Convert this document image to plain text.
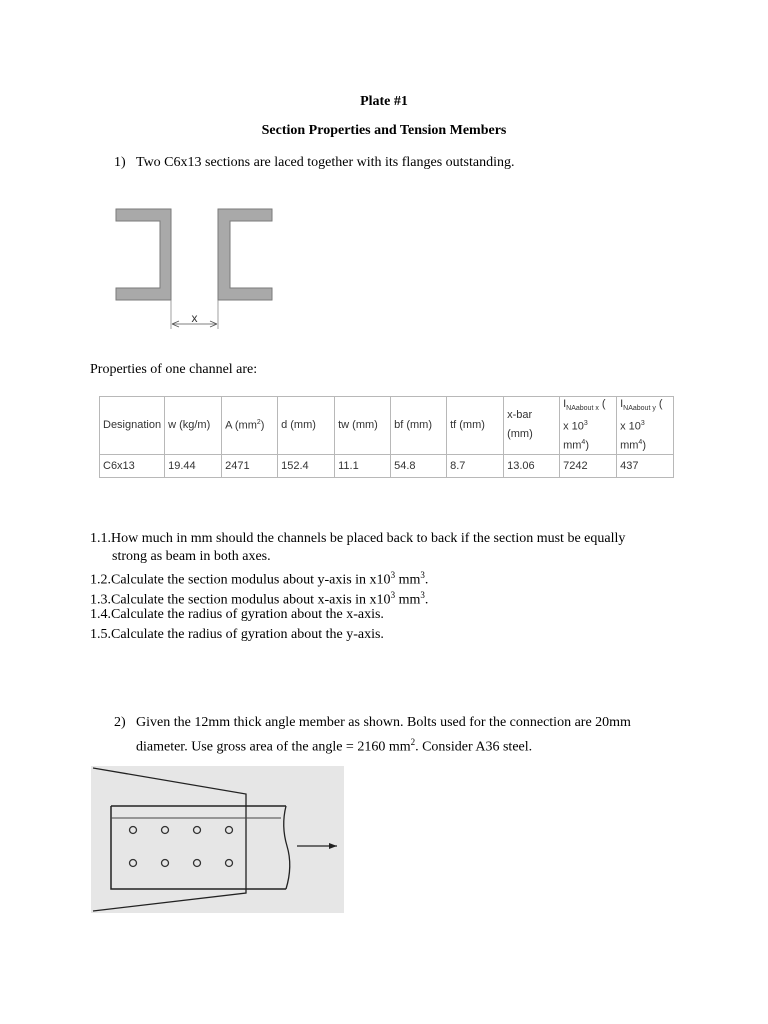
Plate #1
Section Properties and Tension Members
1) Two C6x13 sections are laced together with its flanges outstanding.
x
Properties of one channel are:
Designation	w (kg/m)	A $(mm^2)$	d (mm)	tw (mm)	bf (mm)	tf (mm)	x-bar
(mm)	$I_{NAabout x}$ (
x $10^3$
$mm^4$)	$I_{NAabout y}$ (
x $10^3$
$mm^4$)
C6x13	19.44	2471	152.4	11.1	54.8	8.7	13.06	7242	437
1.1.How much in mm should the channels be placed back to back if the section must be equally
strong as beam in both axes.
1.2.Calculate the section modulus about y-axis in $x10^3$ $mm^3$.
1.3.Calculate the section modulus about x-axis in $x10^3$ $mm^3$.
1.4.Calculate the radius of gyration about the x-axis.
1.5.Calculate the radius of gyration about the y-axis.
2) Given the 12mm thick angle member as shown. Bolts used for the connection are 20mm
diameter. Use gross area of the angle = 2160 $mm^2$. Consider A36 steel.
